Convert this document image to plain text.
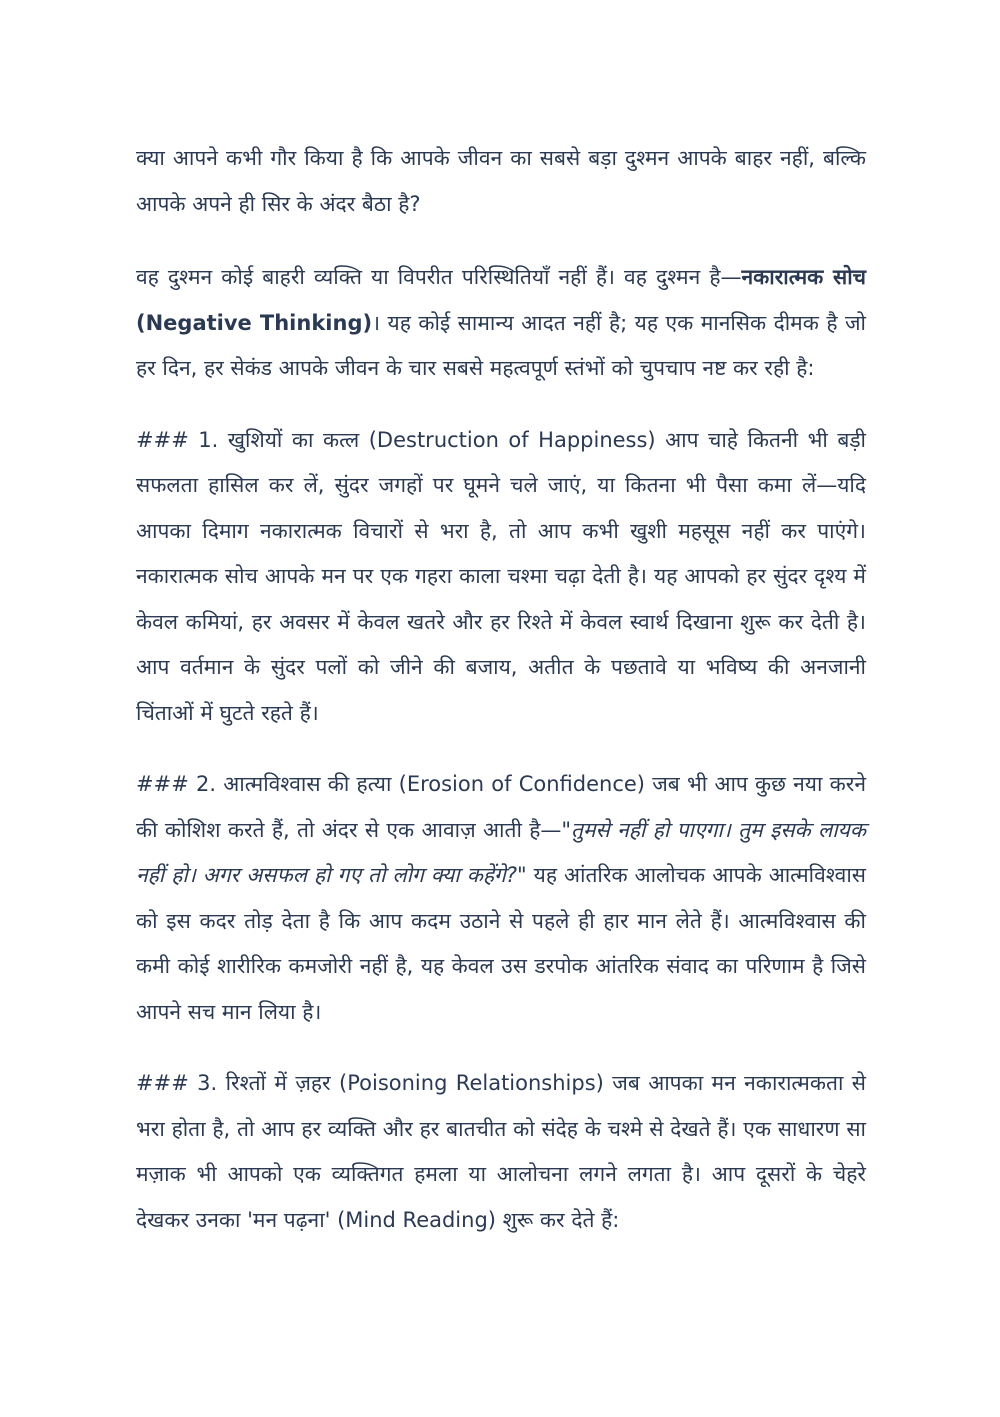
क्या आपने कभी गौर किया है कि आपके जीवन का सबसे बड़ा दुश्मन आपके बाहर नहीं, बल्कि आपके अपने ही सिर के अंदर बैठा है?

वह दुश्मन कोई बाहरी व्यक्ति या विपरीत परिस्थितियाँ नहीं हैं। वह दुश्मन है—नकारात्मक सोच (Negative Thinking)। यह कोई सामान्य आदत नहीं है; यह एक मानसिक दीमक है जो हर दिन, हर सेकंड आपके जीवन के चार सबसे महत्वपूर्ण स्तंभों को चुपचाप नष्ट कर रही है:

### 1. खुशियों का कत्ल (Destruction of Happiness) आप चाहे कितनी भी बड़ी सफलता हासिल कर लें, सुंदर जगहों पर घूमने चले जाएं, या कितना भी पैसा कमा लें—यदि आपका दिमाग नकारात्मक विचारों से भरा है, तो आप कभी खुशी महसूस नहीं कर पाएंगे। नकारात्मक सोच आपके मन पर एक गहरा काला चश्मा चढ़ा देती है। यह आपको हर सुंदर दृश्य में केवल कमियां, हर अवसर में केवल खतरे और हर रिश्ते में केवल स्वार्थ दिखाना शुरू कर देती है। आप वर्तमान के सुंदर पलों को जीने की बजाय, अतीत के पछतावे या भविष्य की अनजानी चिंताओं में घुटते रहते हैं।

### 2. आत्मविश्वास की हत्या (Erosion of Confidence) जब भी आप कुछ नया करने की कोशिश करते हैं, तो अंदर से एक आवाज़ आती है—"तुमसे नहीं हो पाएगा। तुम इसके लायक नहीं हो। अगर असफल हो गए तो लोग क्या कहेंगे?" यह आंतरिक आलोचक आपके आत्मविश्वास को इस कदर तोड़ देता है कि आप कदम उठाने से पहले ही हार मान लेते हैं। आत्मविश्वास की कमी कोई शारीरिक कमजोरी नहीं है, यह केवल उस डरपोक आंतरिक संवाद का परिणाम है जिसे आपने सच मान लिया है।

### 3. रिश्तों में ज़हर (Poisoning Relationships) जब आपका मन नकारात्मकता से भरा होता है, तो आप हर व्यक्ति और हर बातचीत को संदेह के चश्मे से देखते हैं। एक साधारण सा मज़ाक भी आपको एक व्यक्तिगत हमला या आलोचना लगने लगता है। आप दूसरों के चेहरे देखकर उनका 'मन पढ़ना' (Mind Reading) शुरू कर देते हैं:
